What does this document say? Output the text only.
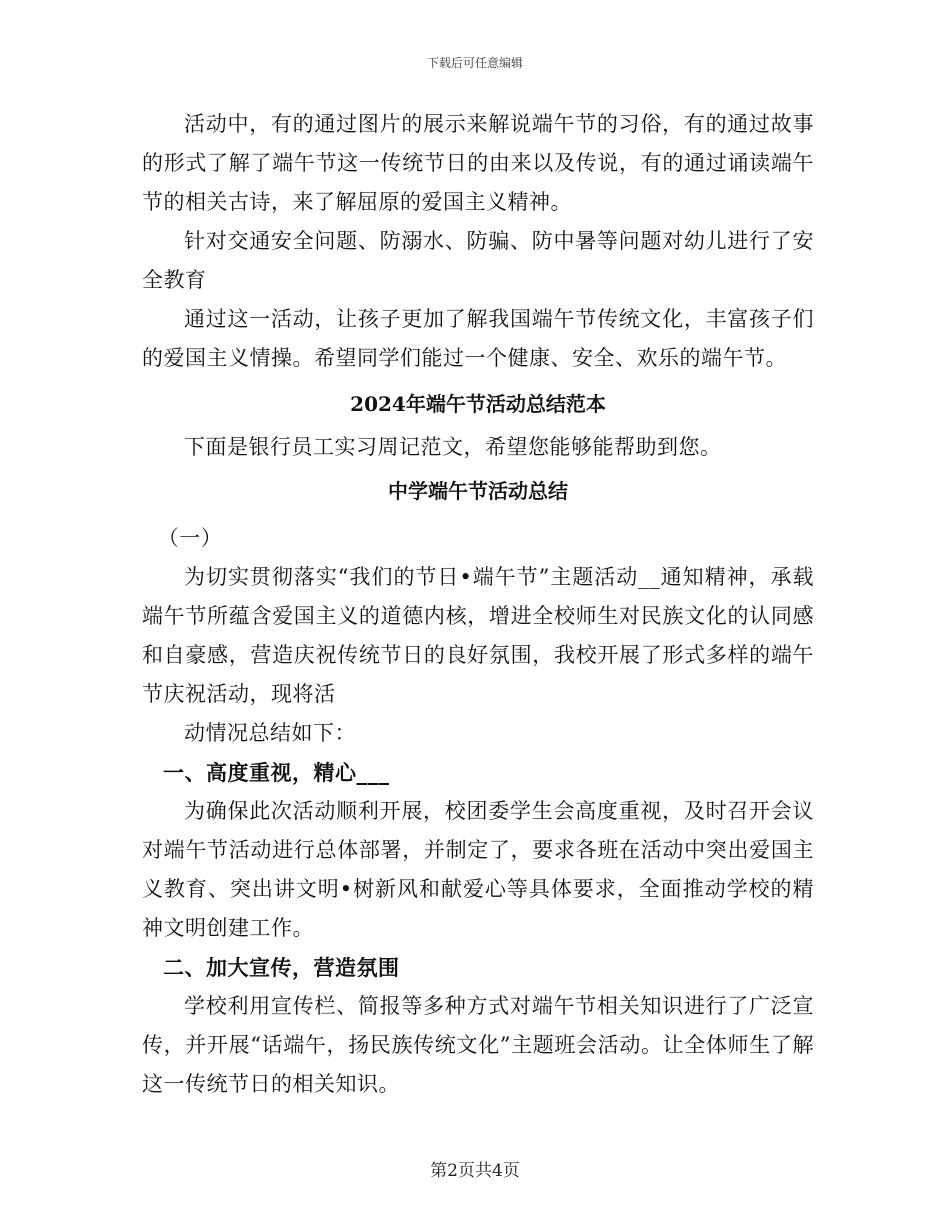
下载后可任意编辑

活动中，有的通过图片的展示来解说端午节的习俗，有的通过故事的形式了解了端午节这一传统节日的由来以及传说，有的通过诵读端午节的相关古诗，来了解屈原的爱国主义精神。

针对交通安全问题、防溺水、防骗、防中暑等问题对幼儿进行了安全教育

通过这一活动，让孩子更加了解我国端午节传统文化，丰富孩子们的爱国主义情操。希望同学们能过一个健康、安全、欢乐的端午节。

2024年端午节活动总结范本

下面是银行员工实习周记范文，希望您能够能帮助到您。

中学端午节活动总结

（一）

为切实贯彻落实“我们的节日•端午节”主题活动__通知精神，承载端午节所蕴含爱国主义的道德内核，增进全校师生对民族文化的认同感和自豪感，营造庆祝传统节日的良好氛围，我校开展了形式多样的端午节庆祝活动，现将活

动情况总结如下：

一、高度重视，精心___

为确保此次活动顺利开展，校团委学生会高度重视，及时召开会议对端午节活动进行总体部署，并制定了，要求各班在活动中突出爱国主义教育、突出讲文明•树新风和献爱心等具体要求，全面推动学校的精神文明创建工作。

二、加大宣传，营造氛围

学校利用宣传栏、简报等多种方式对端午节相关知识进行了广泛宣传，并开展“话端午，扬民族传统文化”主题班会活动。让全体师生了解这一传统节日的相关知识。

第2页共4页
